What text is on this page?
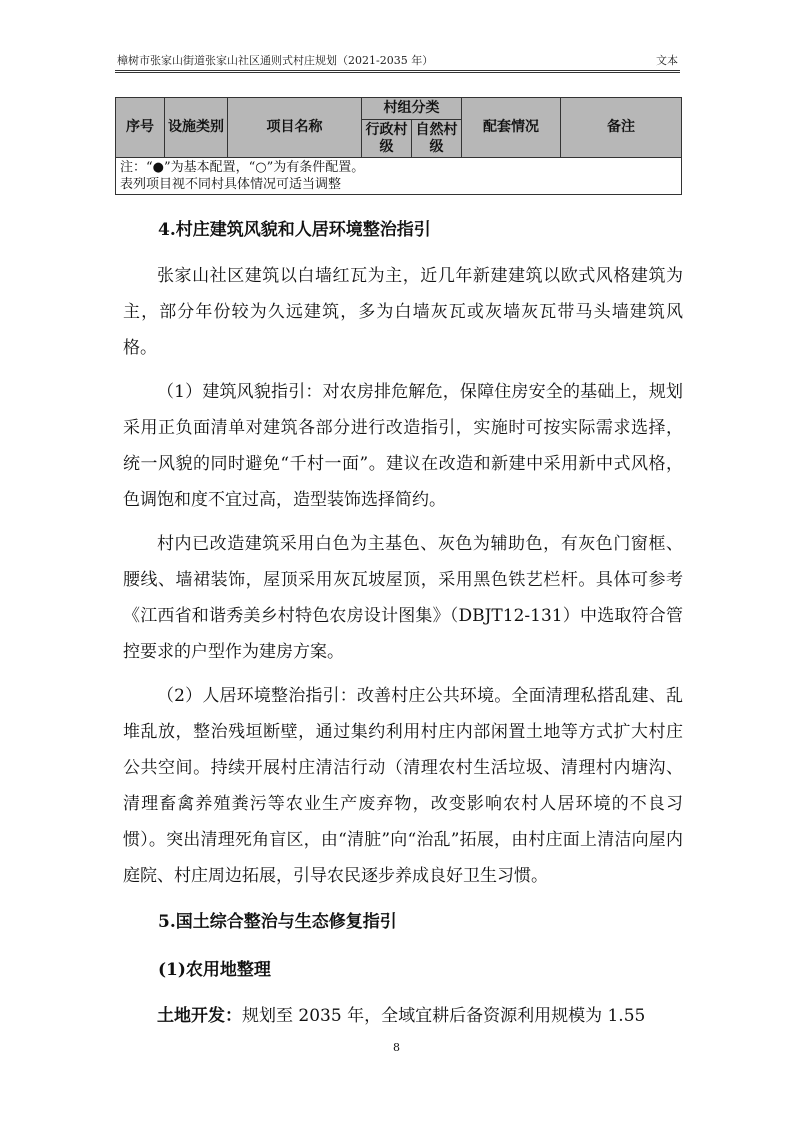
樟树市张家山街道张家山社区通则式村庄规划（2021-2035 年）	文本
序号	设施类别	项目名称	村组分类		配套情况	备注
			行政村级	自然村级		

注：“●”为基本配置，“○”为有条件配置。
表列项目视不同村具体情况可适当调整						
4.村庄建筑风貌和人居环境整治指引

张家山社区建筑以白墙红瓦为主，近几年新建建筑以欧式风格建筑为主，部分年份较为久远建筑，多为白墙灰瓦或灰墙灰瓦带马头墙建筑风格。

（1）建筑风貌指引：对农房排危解危，保障住房安全的基础上，规划采用正负面清单对建筑各部分进行改造指引，实施时可按实际需求选择，统一风貌的同时避免“千村一面”。建议在改造和新建中采用新中式风格，色调饱和度不宜过高，造型装饰选择简约。

村内已改造建筑采用白色为主基色、灰色为辅助色，有灰色门窗框、腰线、墙裙装饰，屋顶采用灰瓦坡屋顶，采用黑色铁艺栏杆。具体可参考《江西省和谐秀美乡村特色农房设计图集》（DBJT12-131）中选取符合管控要求的户型作为建房方案。

（2）人居环境整治指引：改善村庄公共环境。全面清理私搭乱建、乱堆乱放，整治残垣断壁，通过集约利用村庄内部闲置土地等方式扩大村庄公共空间。持续开展村庄清洁行动（清理农村生活垃圾、清理村内塘沟、清理畜禽养殖粪污等农业生产废弃物，改变影响农村人居环境的不良习惯）。突出清理死角盲区，由“清脏”向“治乱”拓展，由村庄面上清洁向屋内庭院、村庄周边拓展，引导农民逐步养成良好卫生习惯。

5.国土综合整治与生态修复指引
(1)农用地整理

土地开发：规划至 2035 年，全域宜耕后备资源利用规模为 1.55

8
